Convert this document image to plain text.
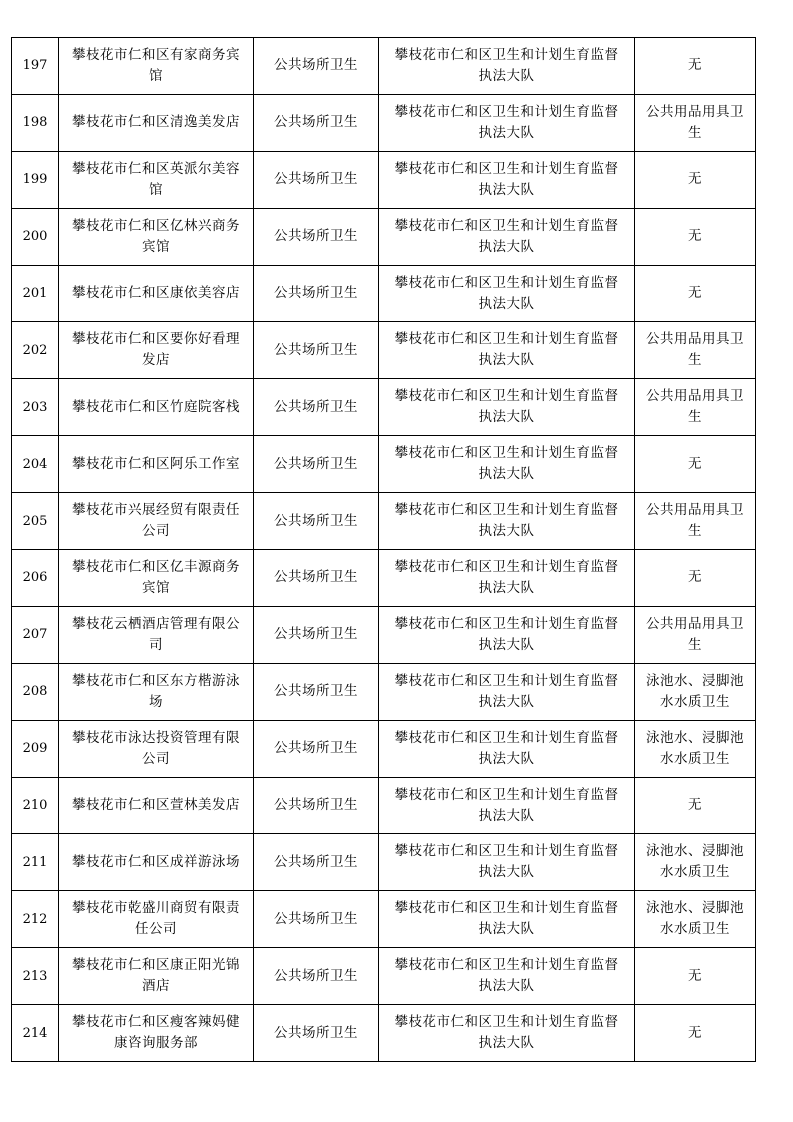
197	攀枝花市仁和区有家商务宾馆	公共场所卫生	攀枝花市仁和区卫生和计划生育监督执法大队	无
198	攀枝花市仁和区清逸美发店	公共场所卫生	攀枝花市仁和区卫生和计划生育监督执法大队	公共用品用具卫生
199	攀枝花市仁和区英派尔美容馆	公共场所卫生	攀枝花市仁和区卫生和计划生育监督执法大队	无
200	攀枝花市仁和区亿林兴商务宾馆	公共场所卫生	攀枝花市仁和区卫生和计划生育监督执法大队	无
201	攀枝花市仁和区康依美容店	公共场所卫生	攀枝花市仁和区卫生和计划生育监督执法大队	无
202	攀枝花市仁和区要你好看理发店	公共场所卫生	攀枝花市仁和区卫生和计划生育监督执法大队	公共用品用具卫生
203	攀枝花市仁和区竹庭院客栈	公共场所卫生	攀枝花市仁和区卫生和计划生育监督执法大队	公共用品用具卫生
204	攀枝花市仁和区阿乐工作室	公共场所卫生	攀枝花市仁和区卫生和计划生育监督执法大队	无
205	攀枝花市兴展经贸有限责任公司	公共场所卫生	攀枝花市仁和区卫生和计划生育监督执法大队	公共用品用具卫生
206	攀枝花市仁和区亿丰源商务宾馆	公共场所卫生	攀枝花市仁和区卫生和计划生育监督执法大队	无
207	攀枝花云栖酒店管理有限公司	公共场所卫生	攀枝花市仁和区卫生和计划生育监督执法大队	公共用品用具卫生
208	攀枝花市仁和区东方楷游泳场	公共场所卫生	攀枝花市仁和区卫生和计划生育监督执法大队	泳池水、浸脚池水水质卫生
209	攀枝花市泳达投资管理有限公司	公共场所卫生	攀枝花市仁和区卫生和计划生育监督执法大队	泳池水、浸脚池水水质卫生
210	攀枝花市仁和区萱林美发店	公共场所卫生	攀枝花市仁和区卫生和计划生育监督执法大队	无
211	攀枝花市仁和区成祥游泳场	公共场所卫生	攀枝花市仁和区卫生和计划生育监督执法大队	泳池水、浸脚池水水质卫生
212	攀枝花市乾盛川商贸有限责任公司	公共场所卫生	攀枝花市仁和区卫生和计划生育监督执法大队	泳池水、浸脚池水水质卫生
213	攀枝花市仁和区康正阳光锦酒店	公共场所卫生	攀枝花市仁和区卫生和计划生育监督执法大队	无
214	攀枝花市仁和区瘦客辣妈健康咨询服务部	公共场所卫生	攀枝花市仁和区卫生和计划生育监督执法大队	无
